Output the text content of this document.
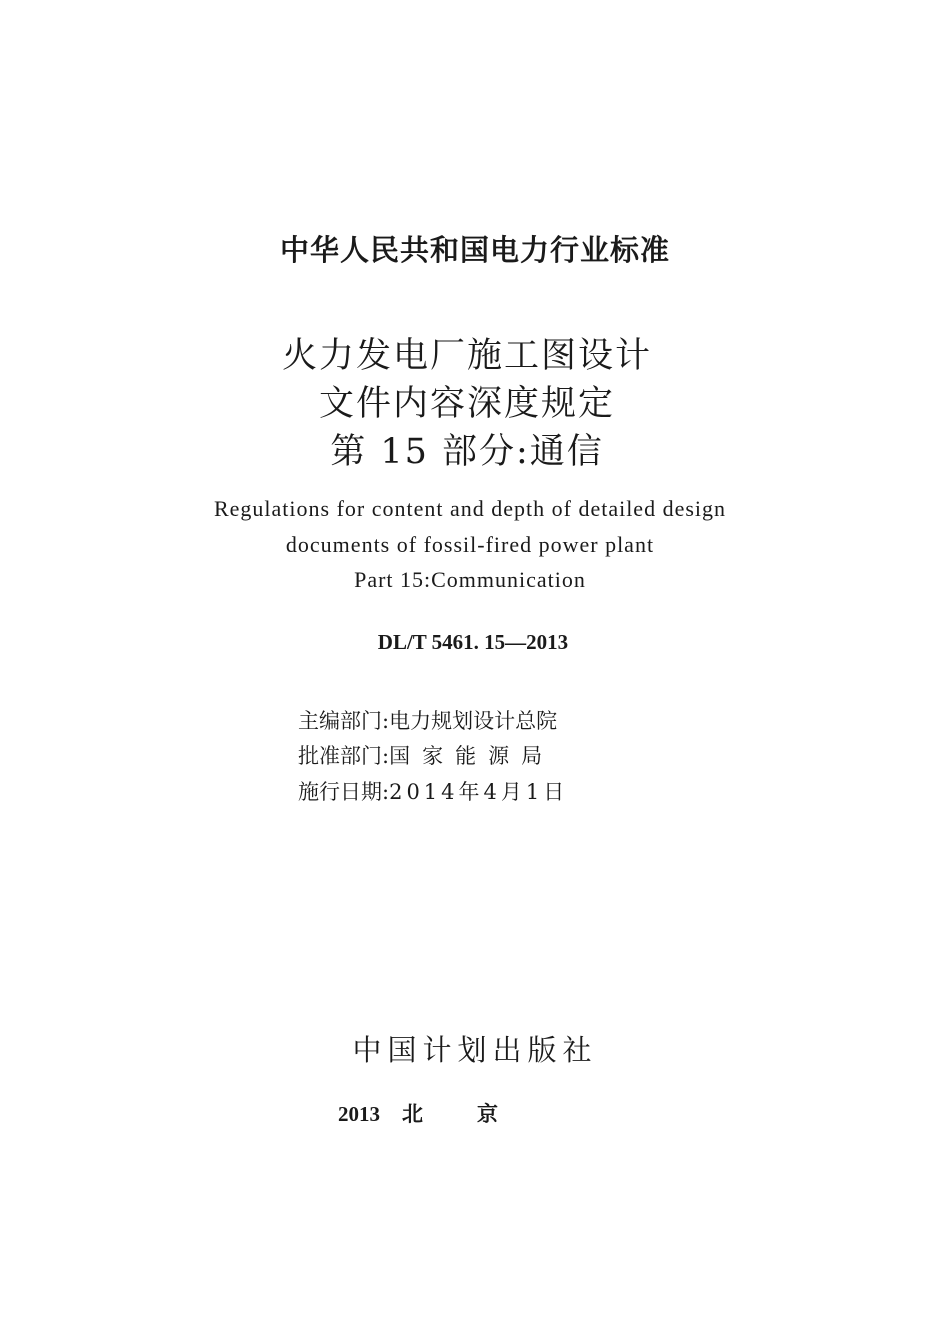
中华人民共和国电力行业标准
火力发电厂施工图设计
文件内容深度规定
第 15 部分:通信
Regulations for content and depth of detailed design
documents of fossil-fired power plant
Part 15:Communication
DL/T 5461. 15—2013
主编部门:电力规划设计总院
批准部门:国家能源局
施行日期:2014年4月1日
中国计划出版社
2013 北京
